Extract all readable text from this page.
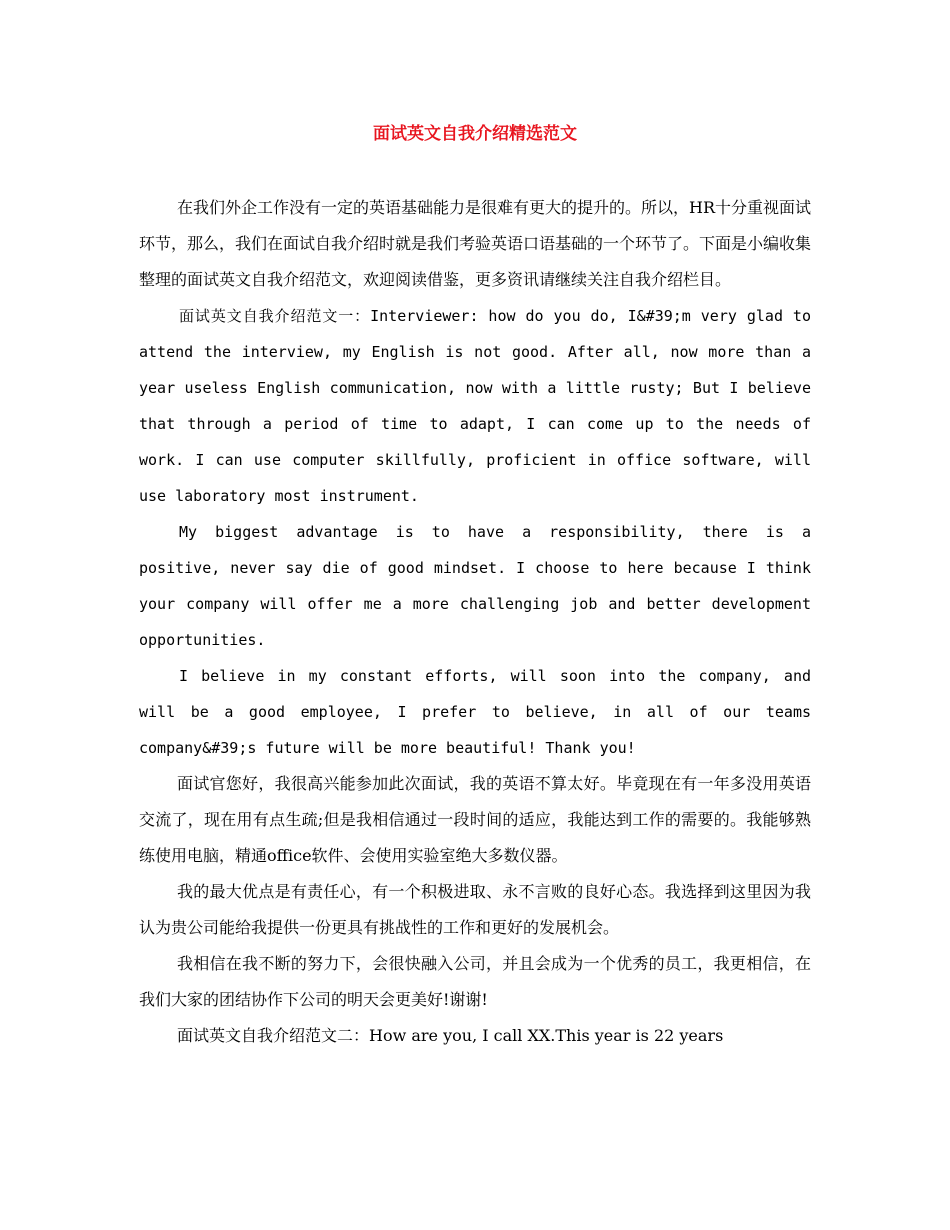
面试英文自我介绍精选范文

在我们外企工作没有一定的英语基础能力是很难有更大的提升的。所以，HR十分重视面试环节，那么，我们在面试自我介绍时就是我们考验英语口语基础的一个环节了。下面是小编收集整理的面试英文自我介绍范文，欢迎阅读借鉴，更多资讯请继续关注自我介绍栏目。

面试英文自我介绍范文一：Interviewer: how do you do, I&#39;m very glad to attend the interview, my English is not good. After all, now more than a year useless English communication, now with a little rusty; But I believe that through a period of time to adapt, I can come up to the needs of work. I can use computer skillfully, proficient in office software, will use laboratory most instrument.

My biggest advantage is to have a responsibility, there is a positive, never say die of good mindset. I choose to here because I think your company will offer me a more challenging job and better development opportunities.

I believe in my constant efforts, will soon into the company, and will be a good employee, I prefer to believe, in all of our teams company&#39;s future will be more beautiful! Thank you!

面试官您好，我很高兴能参加此次面试，我的英语不算太好。毕竟现在有一年多没用英语交流了，现在用有点生疏;但是我相信通过一段时间的适应，我能达到工作的需要的。我能够熟练使用电脑，精通office软件、会使用实验室绝大多数仪器。

我的最大优点是有责任心，有一个积极进取、永不言败的良好心态。我选择到这里因为我认为贵公司能给我提供一份更具有挑战性的工作和更好的发展机会。

我相信在我不断的努力下，会很快融入公司，并且会成为一个优秀的员工，我更相信，在我们大家的团结协作下公司的明天会更美好!谢谢!

面试英文自我介绍范文二：How are you, I call XX.This year is 22 years
